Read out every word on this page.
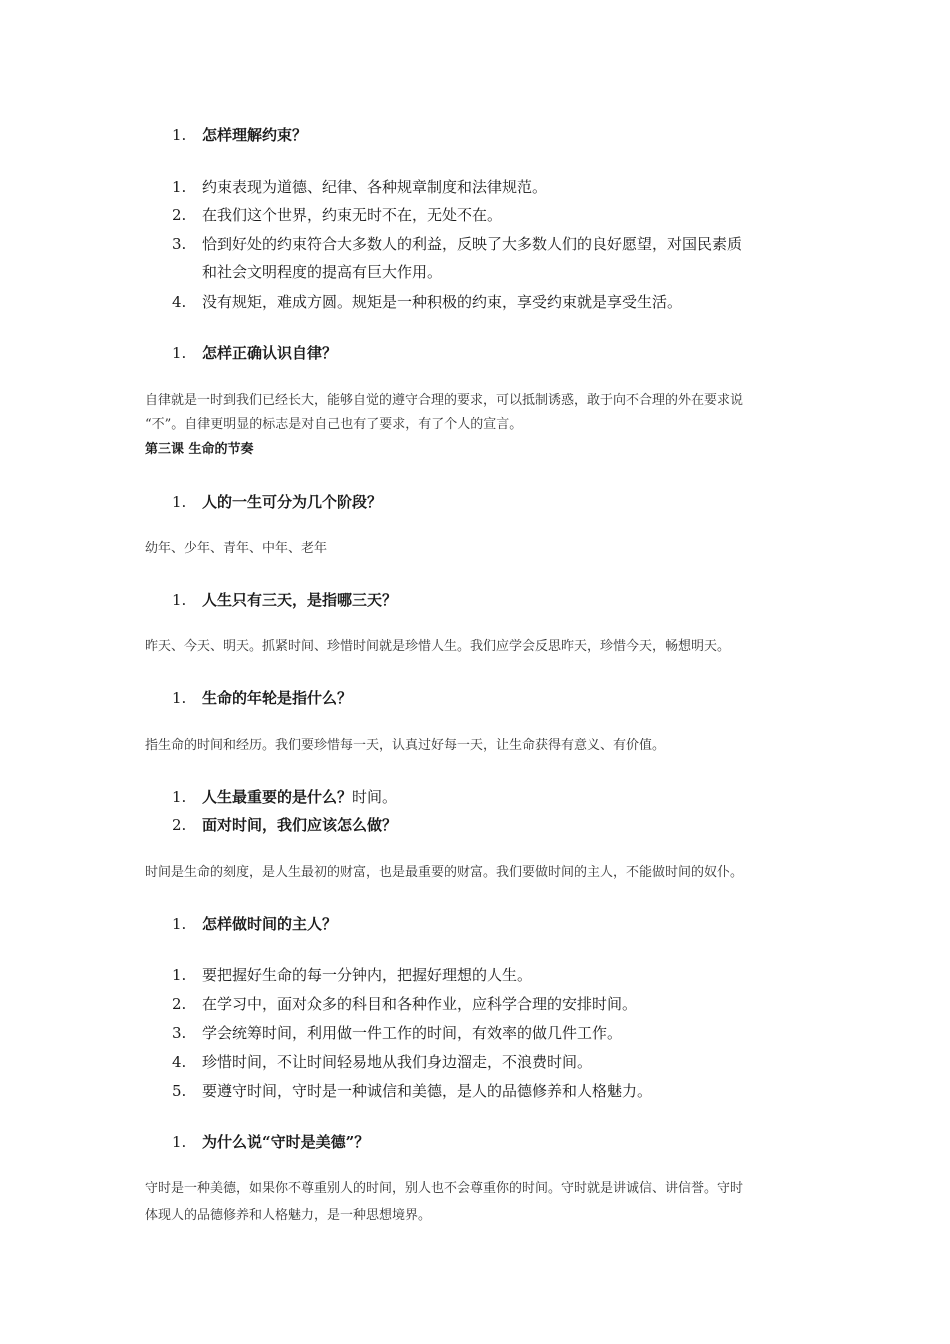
1. 怎样理解约束？
1. 约束表现为道德、纪律、各种规章制度和法律规范。
2. 在我们这个世界，约束无时不在，无处不在。
3. 恰到好处的约束符合大多数人的利益，反映了大多数人们的良好愿望，对国民素质
和社会文明程度的提高有巨大作用。
4. 没有规矩，难成方圆。规矩是一种积极的约束，享受约束就是享受生活。
1. 怎样正确认识自律？
自律就是一时到我们已经长大，能够自觉的遵守合理的要求，可以抵制诱惑，敢于向不合理的外在要求说
“不”。自律更明显的标志是对自己也有了要求，有了个人的宣言。
第三课 生命的节奏
1. 人的一生可分为几个阶段？
幼年、少年、青年、中年、老年
1. 人生只有三天，是指哪三天？
昨天、今天、明天。抓紧时间、珍惜时间就是珍惜人生。我们应学会反思昨天，珍惜今天，畅想明天。
1. 生命的年轮是指什么？
指生命的时间和经历。我们要珍惜每一天，认真过好每一天，让生命获得有意义、有价值。
1. 人生最重要的是什么？时间。
2. 面对时间，我们应该怎么做？
时间是生命的刻度，是人生最初的财富，也是最重要的财富。我们要做时间的主人，不能做时间的奴仆。
1. 怎样做时间的主人？
1. 要把握好生命的每一分钟内，把握好理想的人生。
2. 在学习中，面对众多的科目和各种作业，应科学合理的安排时间。
3. 学会统筹时间，利用做一件工作的时间，有效率的做几件工作。
4. 珍惜时间，不让时间轻易地从我们身边溜走，不浪费时间。
5. 要遵守时间，守时是一种诚信和美德，是人的品德修养和人格魅力。
1. 为什么说“守时是美德”？
守时是一种美德，如果你不尊重别人的时间，别人也不会尊重你的时间。守时就是讲诚信、讲信誉。守时
体现人的品德修养和人格魅力，是一种思想境界。
